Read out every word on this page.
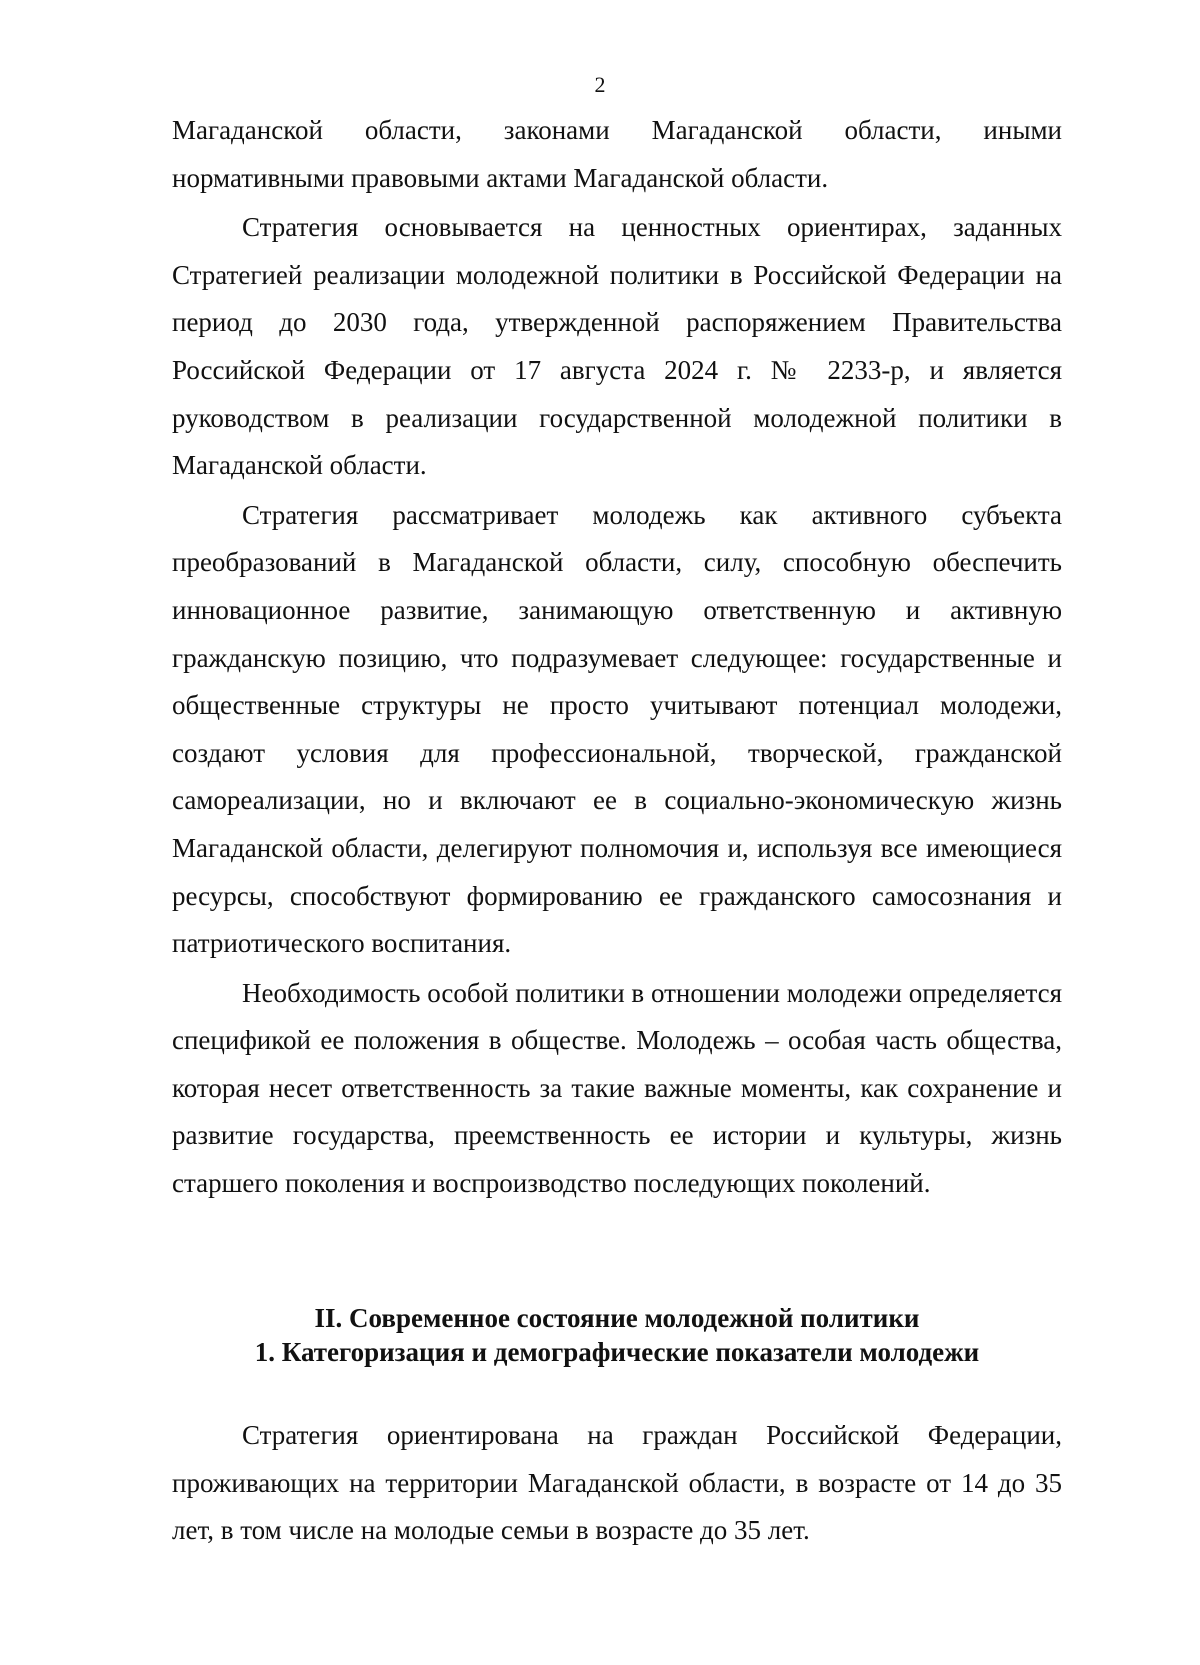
2

Магаданской области, законами Магаданской области, иными нормативными правовыми актами Магаданской области.

Стратегия основывается на ценностных ориентирах, заданных Стратегией реализации молодежной политики в Российской Федерации на период до 2030 года, утвержденной распоряжением Правительства Российской Федерации от 17 августа 2024 г. № 2233-р, и является руководством в реализации государственной молодежной политики в Магаданской области.

Стратегия рассматривает молодежь как активного субъекта преобразований в Магаданской области, силу, способную обеспечить инновационное развитие, занимающую ответственную и активную гражданскую позицию, что подразумевает следующее: государственные и общественные структуры не просто учитывают потенциал молодежи, создают условия для профессиональной, творческой, гражданской самореализации, но и включают ее в социально-экономическую жизнь Магаданской области, делегируют полномочия и, используя все имеющиеся ресурсы, способствуют формированию ее гражданского самосознания и патриотического воспитания.

Необходимость особой политики в отношении молодежи определяется спецификой ее положения в обществе. Молодежь – особая часть общества, которая несет ответственность за такие важные моменты, как сохранение и развитие государства, преемственность ее истории и культуры, жизнь старшего поколения и воспроизводство последующих поколений.

II. Современное состояние молодежной политики
1. Категоризация и демографические показатели молодежи

Стратегия ориентирована на граждан Российской Федерации, проживающих на территории Магаданской области, в возрасте от 14 до 35 лет, в том числе на молодые семьи в возрасте до 35 лет.
